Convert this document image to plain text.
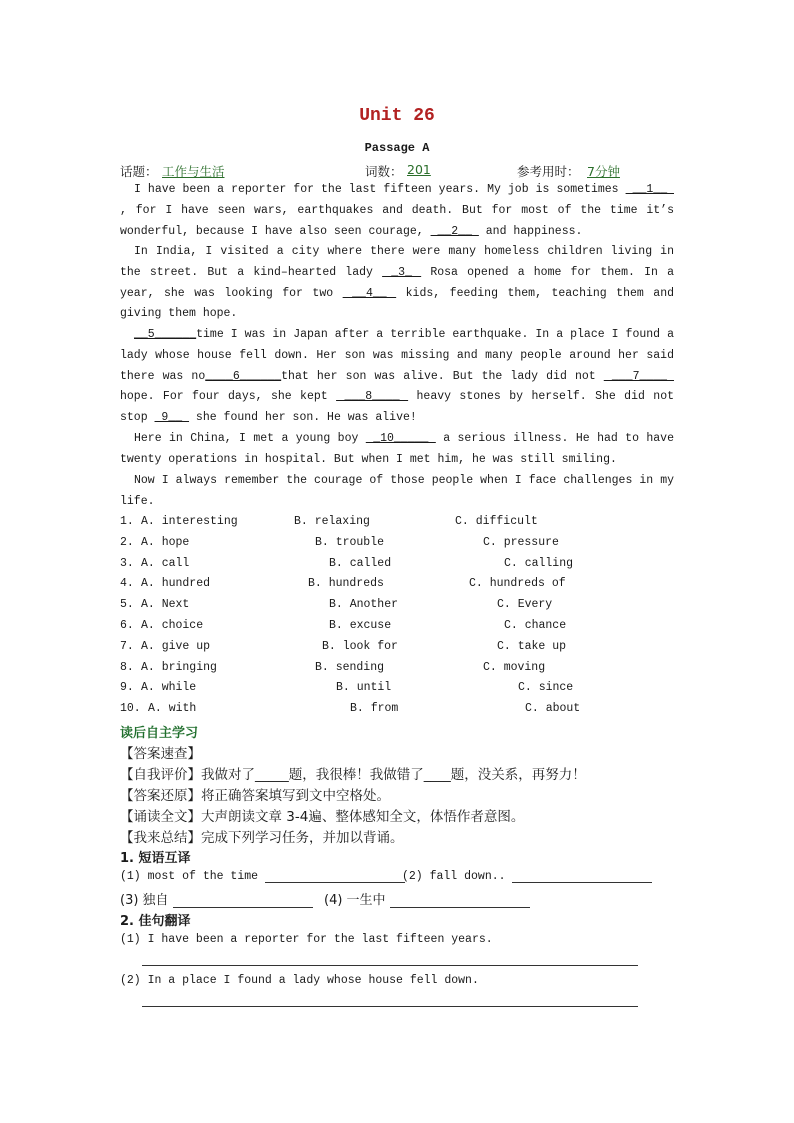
Unit 26
Passage A
话题： 工作与生活	词数： 201	参考用时： 7分钟
I have been a reporter for the last fifteen years. My job is sometimes  __1__  , for I have seen wars, earthquakes and death. But for most of the time it’s wonderful, because I have also seen courage,  __2__  and happiness.
In India, I visited a city where there were many homeless children living in the street. But a kind–hearted lady  _3_  Rosa opened a home for them. In a year, she was looking for two  __4__  kids, feeding them, teaching them and giving them hope.
__5______time I was in Japan after a terrible earthquake. In a place I found a lady whose house fell down. Her son was missing and many people around her said there was no____6______that her son was alive. But the lady did not  ___7____  hope. For four days, she kept  ___8____  heavy stones by herself. She did not stop  9__  she found her son. He was alive!
Here in China, I met a young boy  _10_____  a serious illness. He had to have twenty operations in hospital. But when I met him, he was still smiling.
Now I always remember the courage of those people when I face challenges in my life.
1. A. interesting	B. relaxing	C. difficult
2. A. hope	B. trouble	C. pressure
3. A. call	B. called	C. calling
4. A. hundred	B. hundreds	C. hundreds of
5. A. Next	B. Another	C. Every
6. A. choice	B. excuse	C. chance
7. A. give up	B. look for	C. take up
8. A. bringing	B. sending	C. moving
9. A. while	B. until	C. since
10. A. with	B. from	C. about
读后自主学习
【答案速查】
【自我评价】我做对了_____题，我很棒！我做错了____题，没关系，再努力！
【答案还原】将正确答案填写到文中空格处。
【诵读全文】大声朗读文章 3-4遍、整体感知全文，体悟作者意图。
【我来总结】完成下列学习任务，并加以背诵。
1. 短语互译
(1) most of the time	(2) fall down..
(3) 独自	(4) 一生中
2. 佳句翻译
(1) I have been a reporter for the last fifteen years.
(2) In a place I found a lady whose house fell down.
